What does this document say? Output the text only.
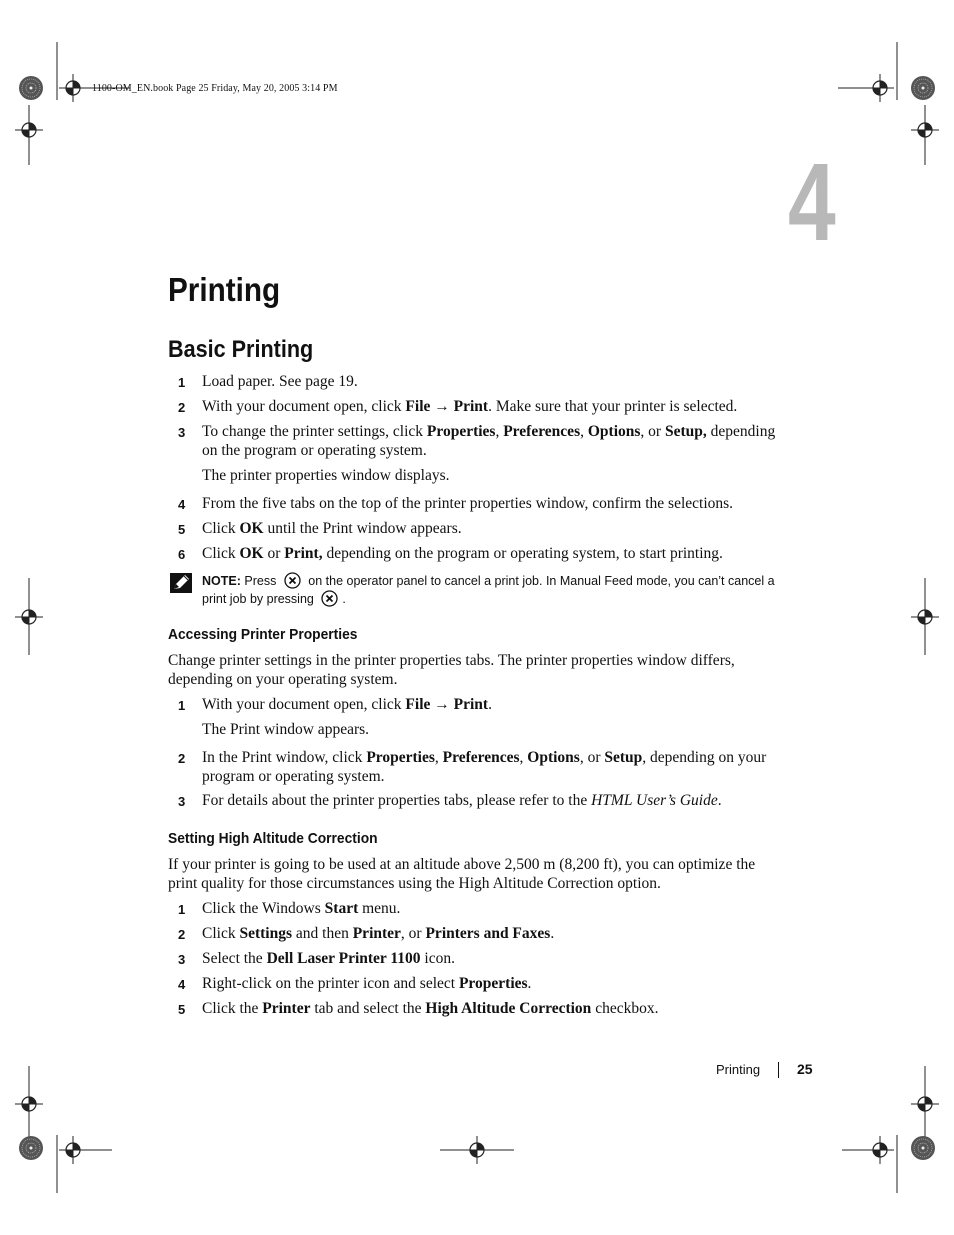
1100-OM_EN.book Page 25 Friday, May 20, 2005 3:14 PM
4
Printing
Basic Printing
1 Load paper. See page 19.
2 With your document open, click File → Print. Make sure that your printer is selected.
3 To change the printer settings, click Properties, Preferences, Options, or Setup, depending on the program or operating system.
The printer properties window displays.
4 From the five tabs on the top of the printer properties window, confirm the selections.
5 Click OK until the Print window appears.
6 Click OK or Print, depending on the program or operating system, to start printing.
NOTE: Press	on the operator panel to cancel a print job. In Manual Feed mode, you can’t cancel a
print job by pressing .
Accessing Printer Properties
Change printer settings in the printer properties tabs. The printer properties window differs, depending on your operating system.
1 With your document open, click File → Print.
The Print window appears.
2 In the Print window, click Properties, Preferences, Options, or Setup, depending on your program or operating system.
3 For details about the printer properties tabs, please refer to the HTML User’s Guide.
Setting High Altitude Correction
If your printer is going to be used at an altitude above 2,500 m (8,200 ft), you can optimize the print quality for those circumstances using the High Altitude Correction option.
1 Click the Windows Start menu.
2 Click Settings and then Printer, or Printers and Faxes.
3 Select the Dell Laser Printer 1100 icon.
4 Right-click on the printer icon and select Properties.
5 Click the Printer tab and select the High Altitude Correction checkbox.
Printing	25
